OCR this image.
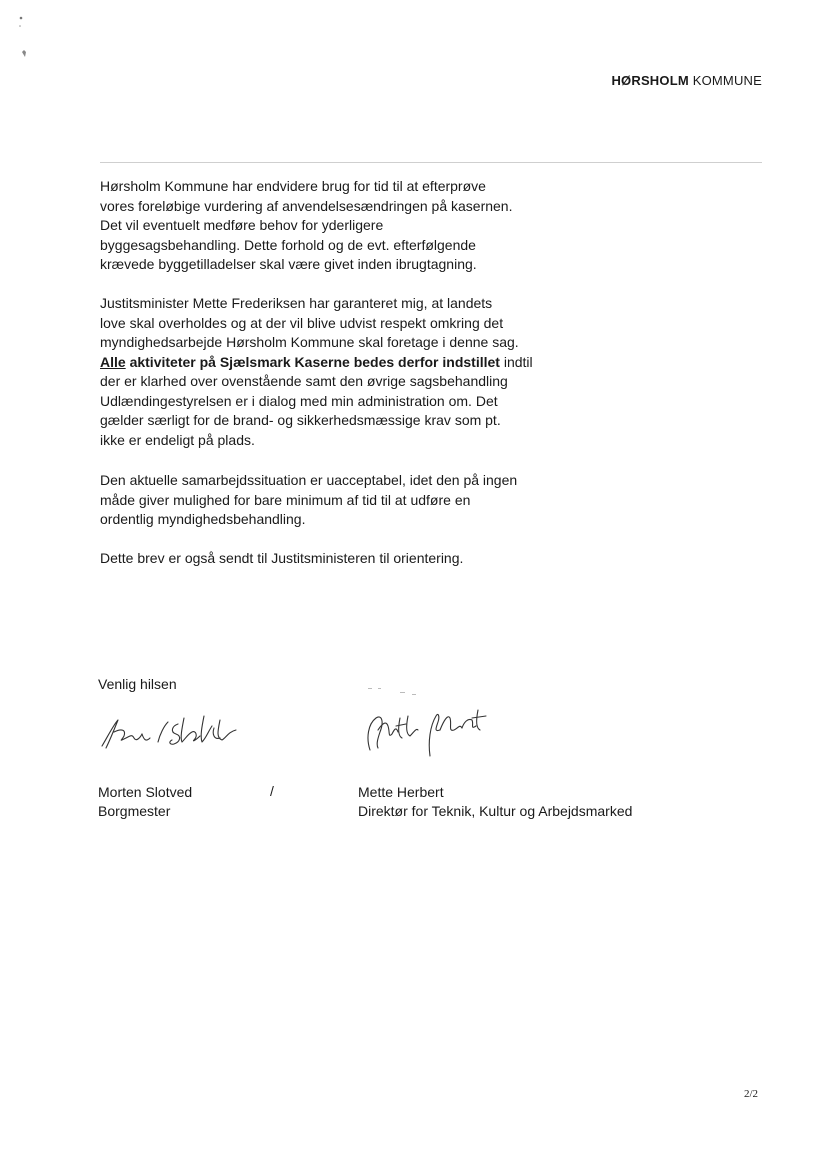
HØRSHOLM KOMMUNE

Hørsholm Kommune har endvidere brug for tid til at efterprøve

vores foreløbige vurdering af anvendelsesændringen på kasernen.

Det vil eventuelt medføre behov for yderligere

byggesagsbehandling. Dette forhold og de evt. efterfølgende

krævede byggetilladelser skal være givet inden ibrugtagning.

Justitsminister Mette Frederiksen har garanteret mig, at landets

love skal overholdes og at der vil blive udvist respekt omkring det

myndighedsarbejde Hørsholm Kommune skal foretage i denne sag.

Alle aktiviteter på Sjælsmark Kaserne bedes derfor indstillet indtil

der er klarhed over ovenstående samt den øvrige sagsbehandling

Udlændingestyrelsen er i dialog med min administration om. Det

gælder særligt for de brand- og sikkerhedsmæssige krav som pt.

ikke er endeligt på plads.

Den aktuelle samarbejdssituation er uacceptabel, idet den på ingen

måde giver mulighed for bare minimum af tid til at udføre en

ordentlig myndighedsbehandling.

Dette brev er også sendt til Justitsministeren til orientering.

Venlig hilsen
Morten Slotved
Borgmester
/	Mette Herbert
Direktør for Teknik, Kultur og Arbejdsmarked
2/2
